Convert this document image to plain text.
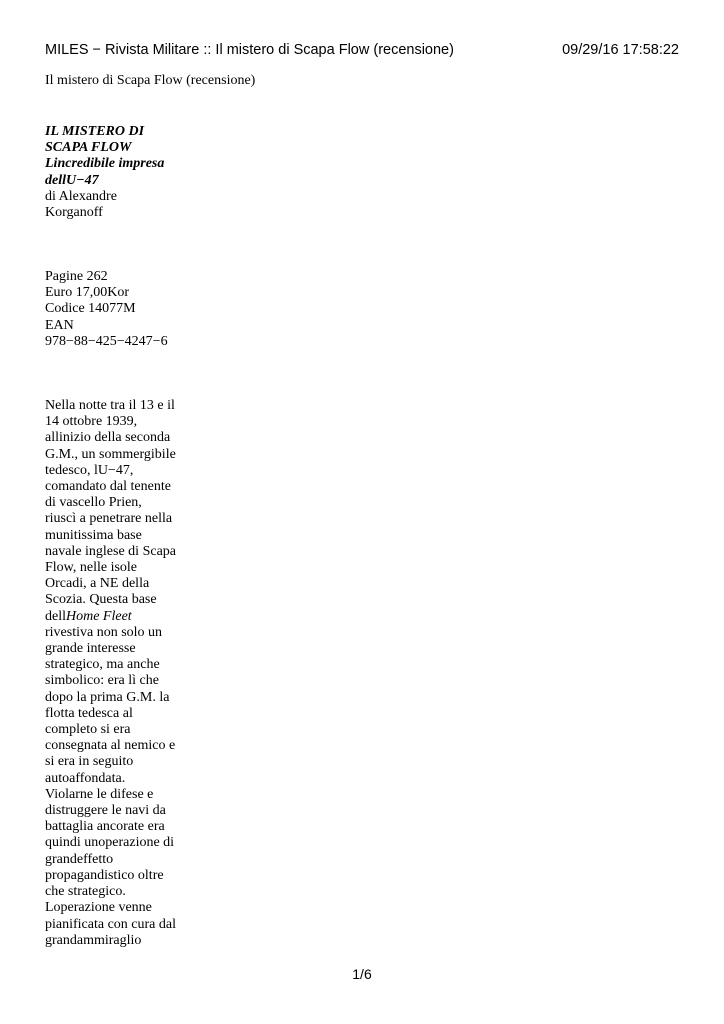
MILES − Rivista Militare :: Il mistero di Scapa Flow (recensione)	09/29/16 17:58:22
Il mistero di Scapa Flow (recensione)
IL MISTERO DI
SCAPA FLOW
Lincredibile impresa
dellU−47
di Alexandre
Korganoff
Pagine 262
Euro 17,00Kor
Codice 14077M
EAN
978−88−425−4247−6
Nella notte tra il 13 e il
14 ottobre 1939,
allinizio della seconda
G.M., un sommergibile
tedesco, lU−47,
comandato dal tenente
di vascello Prien,
riuscì a penetrare nella
munitissima base
navale inglese di Scapa
Flow, nelle isole
Orcadi, a NE della
Scozia. Questa base
dellHome Fleet
rivestiva non solo un
grande interesse
strategico, ma anche
simbolico: era lì che
dopo la prima G.M. la
flotta tedesca al
completo si era
consegnata al nemico e
si era in seguito
autoaffondata.
Violarne le difese e
distruggere le navi da
battaglia ancorate era
quindi unoperazione di
grandeffetto
propagandistico oltre
che strategico.
Loperazione venne
pianificata con cura dal
grandammiraglio
1/6
